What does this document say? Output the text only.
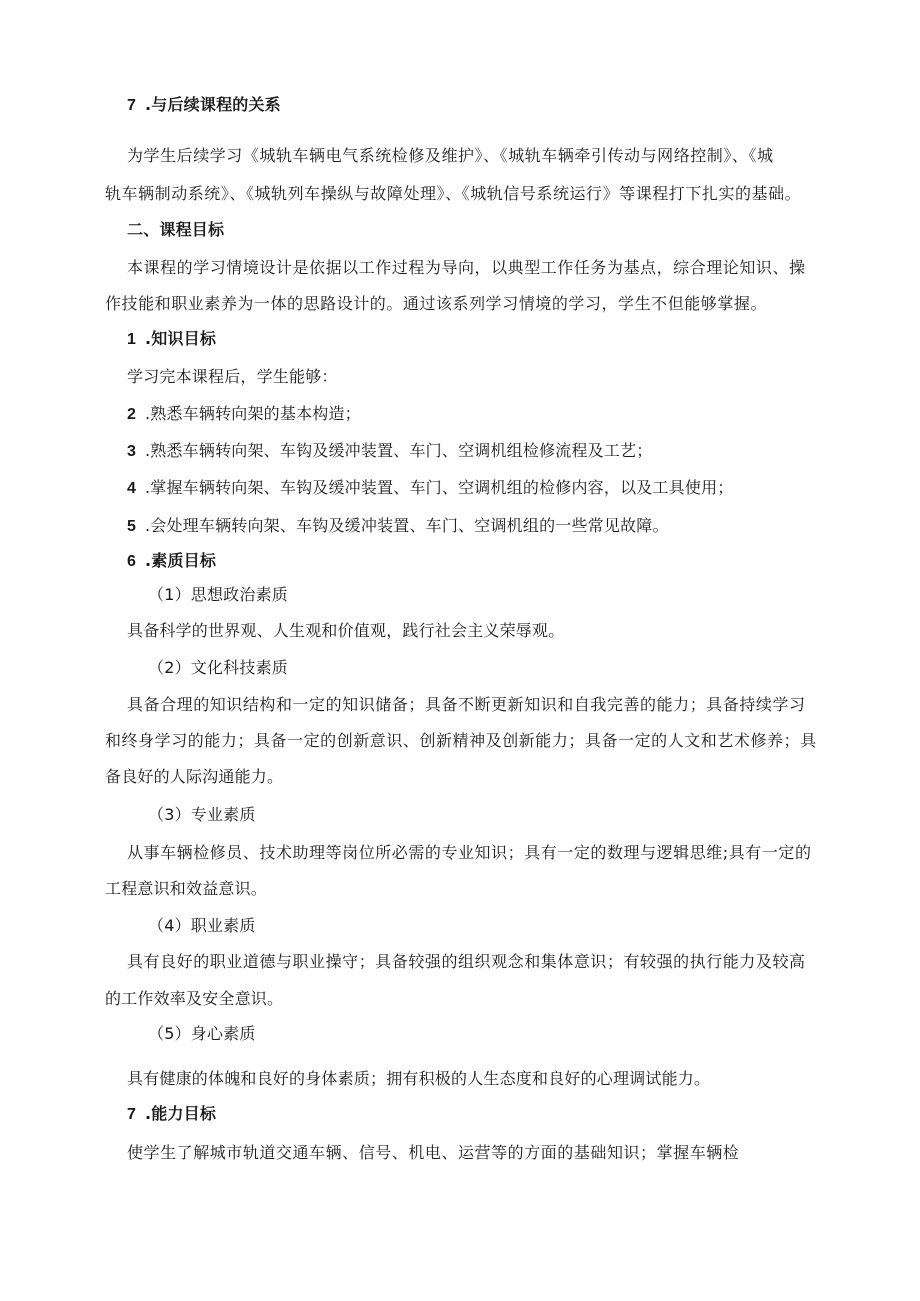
7 .与后续课程的关系
为学生后续学习《城轨车辆电气系统检修及维护》、《城轨车辆牵引传动与网络控制》、《城
轨车辆制动系统》、《城轨列车操纵与故障处理》、《城轨信号系统运行》等课程打下扎实的基础。
二、课程目标
本课程的学习情境设计是依据以工作过程为导向，以典型工作任务为基点，综合理论知识、操
作技能和职业素养为一体的思路设计的。通过该系列学习情境的学习，学生不但能够掌握。
1 .知识目标
学习完本课程后，学生能够：
2 .熟悉车辆转向架的基本构造；
3 .熟悉车辆转向架、车钩及缓冲装置、车门、空调机组检修流程及工艺；
4 .掌握车辆转向架、车钩及缓冲装置、车门、空调机组的检修内容，以及工具使用；
5 .会处理车辆转向架、车钩及缓冲装置、车门、空调机组的一些常见故障。
6 .素质目标
（1）思想政治素质
具备科学的世界观、人生观和价值观，践行社会主义荣辱观。
（2）文化科技素质
具备合理的知识结构和一定的知识储备；具备不断更新知识和自我完善的能力；具备持续学习
和终身学习的能力；具备一定的创新意识、创新精神及创新能力；具备一定的人文和艺术修养；具
备良好的人际沟通能力。
（3）专业素质
从事车辆检修员、技术助理等岗位所必需的专业知识；具有一定的数理与逻辑思维;具有一定的
工程意识和效益意识。
（4）职业素质
具有良好的职业道德与职业操守；具备较强的组织观念和集体意识；有较强的执行能力及较高
的工作效率及安全意识。
（5）身心素质
具有健康的体魄和良好的身体素质；拥有积极的人生态度和良好的心理调试能力。
7 .能力目标
使学生了解城市轨道交通车辆、信号、机电、运营等的方面的基础知识；掌握车辆检
